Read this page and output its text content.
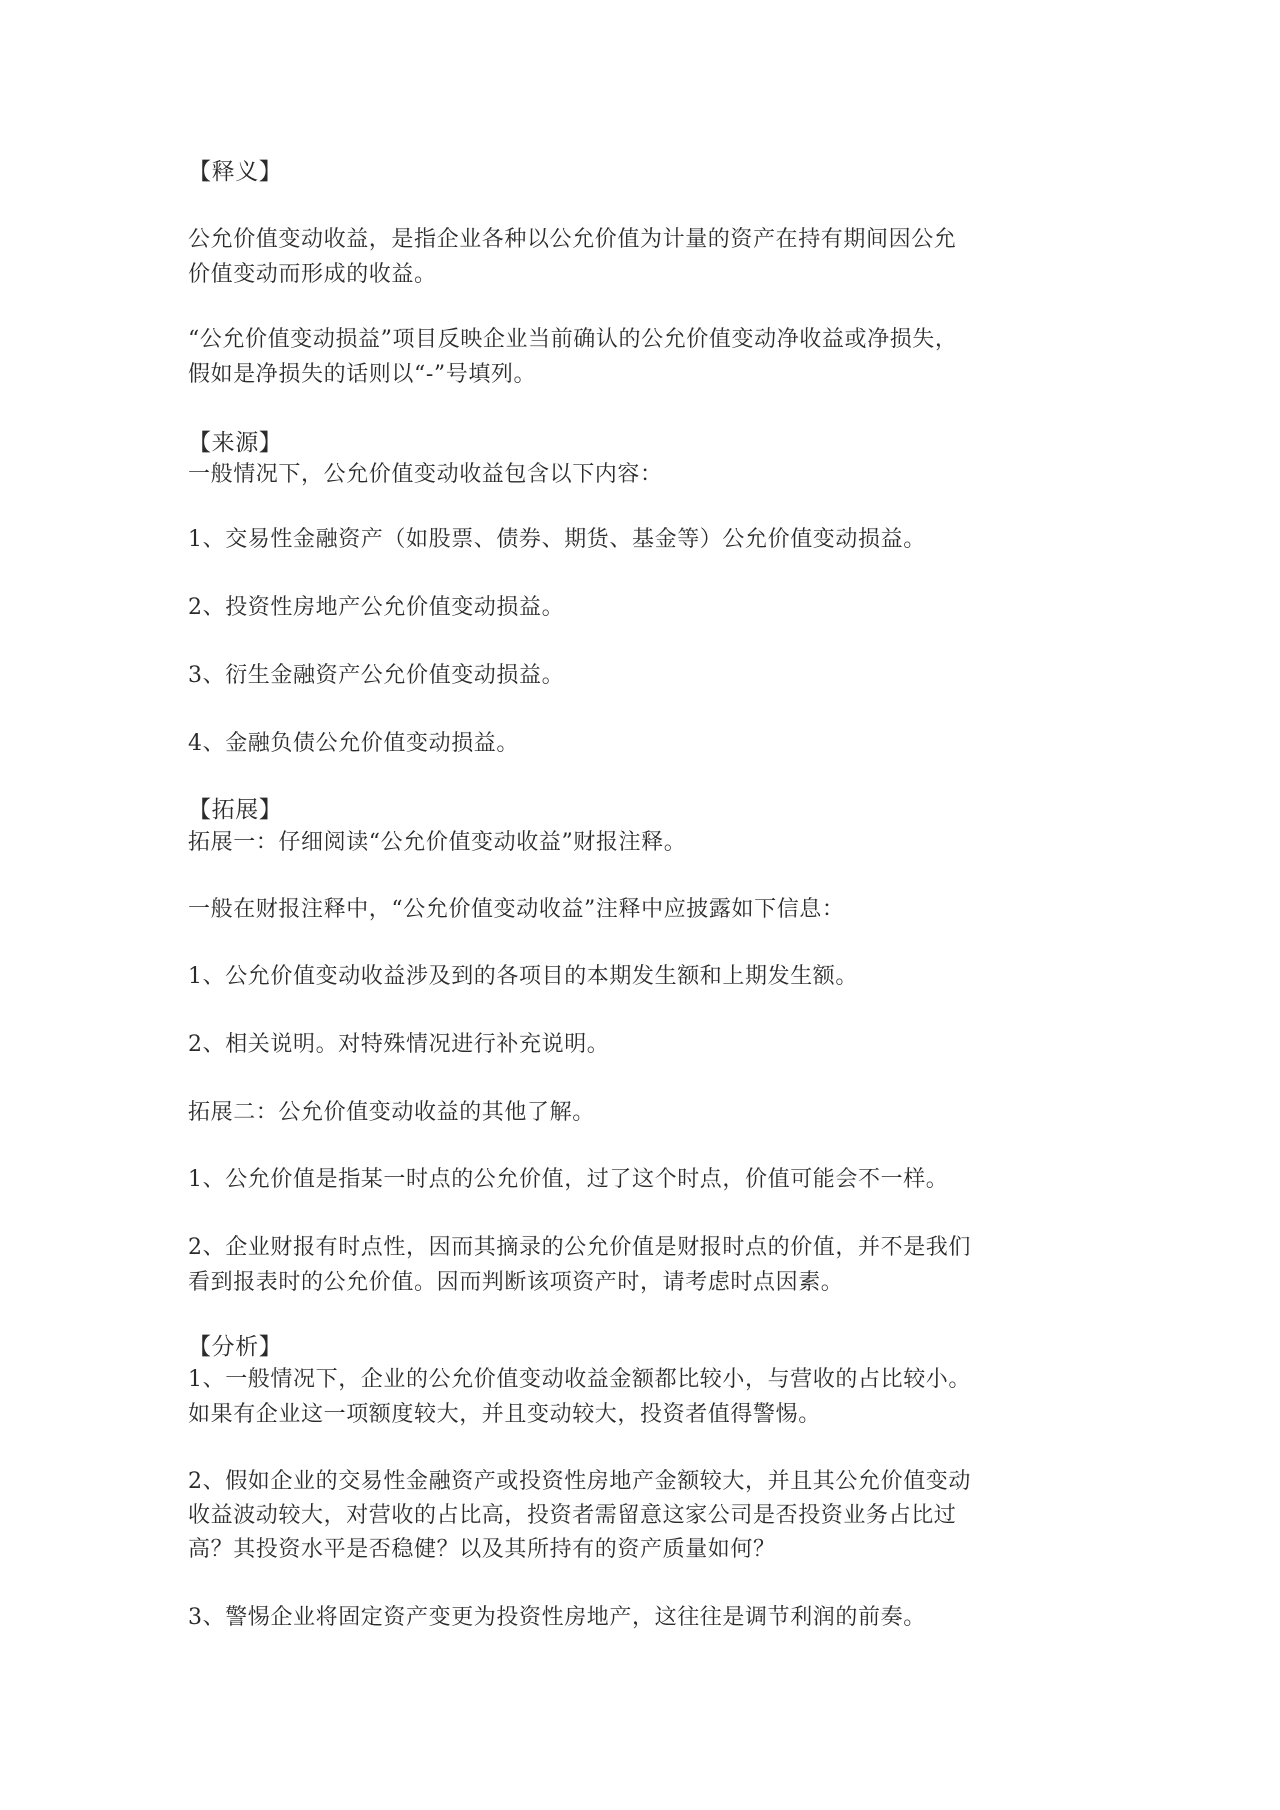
【释义】
公允价值变动收益，是指企业各种以公允价值为计量的资产在持有期间因公允
价值变动而形成的收益。
“公允价值变动损益”项目反映企业当前确认的公允价值变动净收益或净损失，
假如是净损失的话则以“-”号填列。
【来源】
一般情况下，公允价值变动收益包含以下内容：
1、交易性金融资产（如股票、债券、期货、基金等）公允价值变动损益。
2、投资性房地产公允价值变动损益。
3、衍生金融资产公允价值变动损益。
4、金融负债公允价值变动损益。
【拓展】
拓展一：仔细阅读“公允价值变动收益”财报注释。
一般在财报注释中，“公允价值变动收益”注释中应披露如下信息：
1、公允价值变动收益涉及到的各项目的本期发生额和上期发生额。
2、相关说明。对特殊情况进行补充说明。
拓展二：公允价值变动收益的其他了解。
1、公允价值是指某一时点的公允价值，过了这个时点，价值可能会不一样。
2、企业财报有时点性，因而其摘录的公允价值是财报时点的价值，并不是我们
看到报表时的公允价值。因而判断该项资产时，请考虑时点因素。
【分析】
1、一般情况下，企业的公允价值变动收益金额都比较小，与营收的占比较小。
如果有企业这一项额度较大，并且变动较大，投资者值得警惕。
2、假如企业的交易性金融资产或投资性房地产金额较大，并且其公允价值变动
收益波动较大，对营收的占比高，投资者需留意这家公司是否投资业务占比过
高？其投资水平是否稳健？以及其所持有的资产质量如何？
3、警惕企业将固定资产变更为投资性房地产，这往往是调节利润的前奏。
